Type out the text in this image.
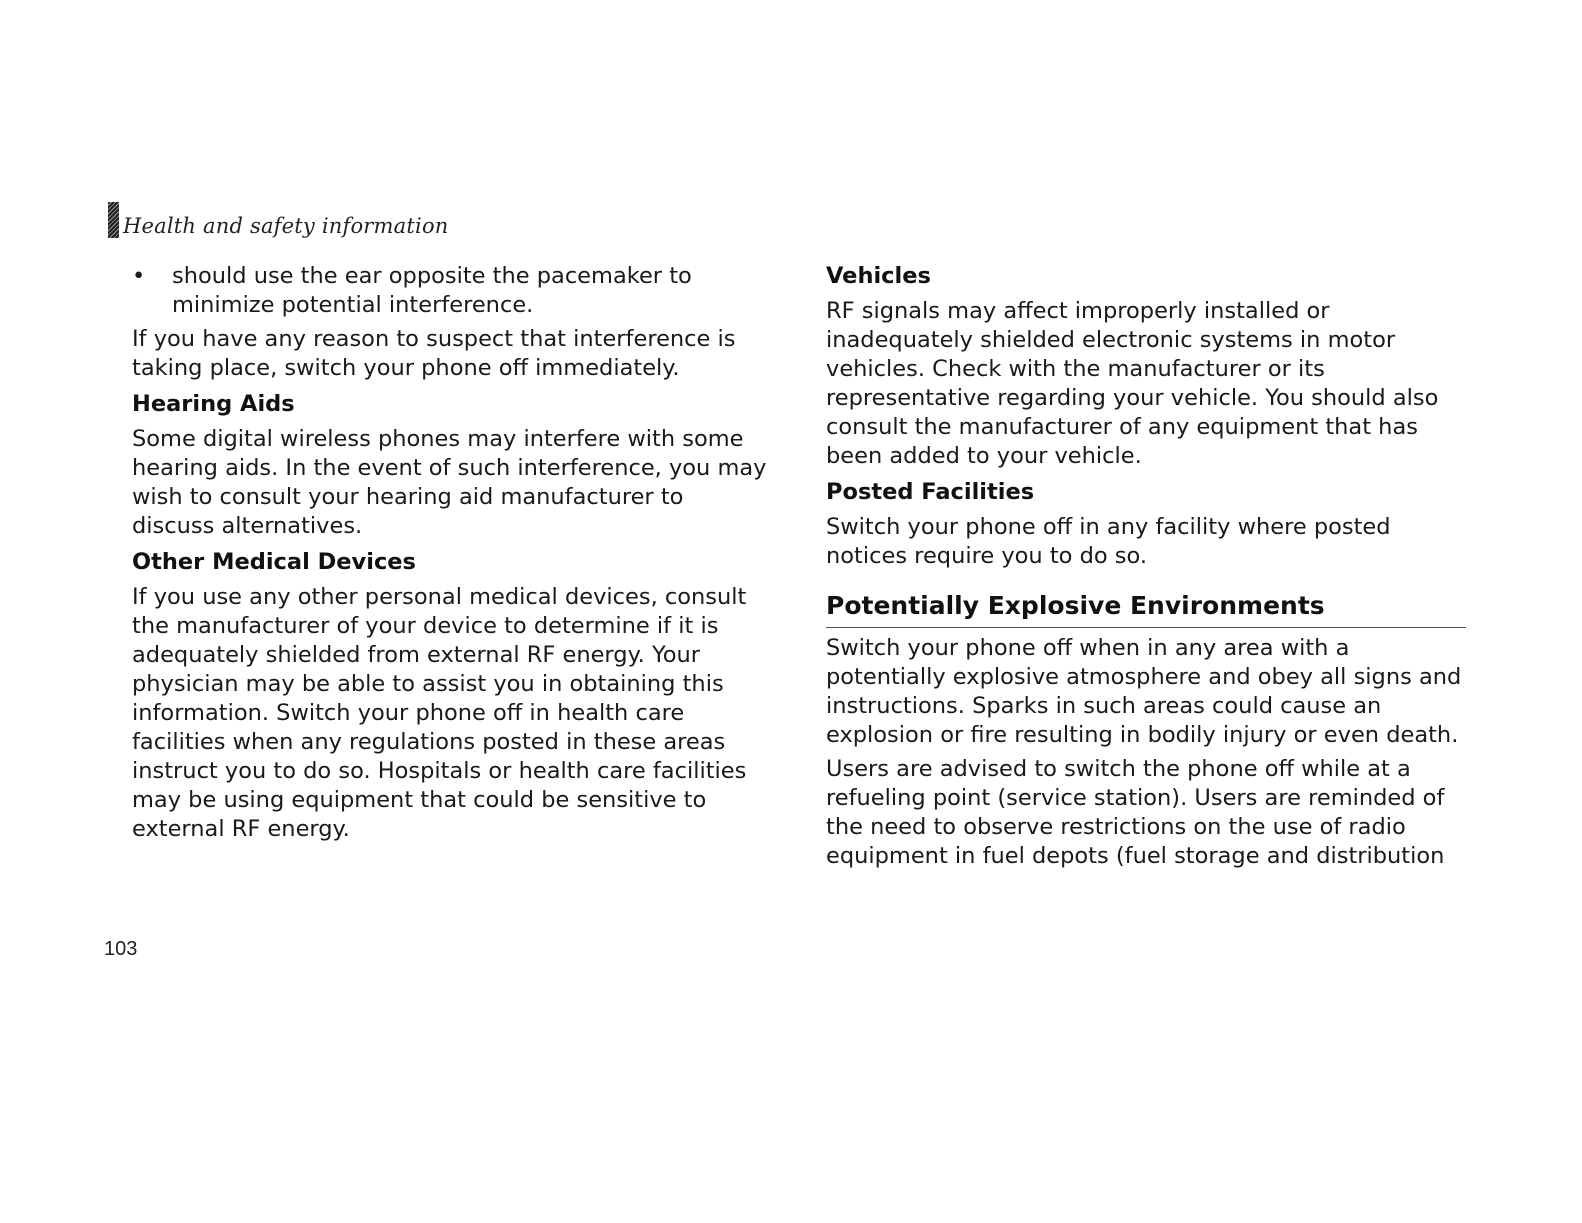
Health and safety information
• should use the ear opposite the pacemaker to minimize potential interference.

If you have any reason to suspect that interference is taking place, switch your phone off immediately.

Hearing Aids

Some digital wireless phones may interfere with some hearing aids. In the event of such interference, you may wish to consult your hearing aid manufacturer to discuss alternatives.

Other Medical Devices

If you use any other personal medical devices, consult the manufacturer of your device to determine if it is adequately shielded from external RF energy. Your physician may be able to assist you in obtaining this information. Switch your phone off in health care facilities when any regulations posted in these areas instruct you to do so. Hospitals or health care facilities may be using equipment that could be sensitive to external RF energy.

Vehicles

RF signals may affect improperly installed or inadequately shielded electronic systems in motor vehicles. Check with the manufacturer or its representative regarding your vehicle. You should also consult the manufacturer of any equipment that has been added to your vehicle.

Posted Facilities

Switch your phone off in any facility where posted notices require you to do so.

Potentially Explosive Environments

Switch your phone off when in any area with a potentially explosive atmosphere and obey all signs and instructions. Sparks in such areas could cause an explosion or fire resulting in bodily injury or even death.

Users are advised to switch the phone off while at a refueling point (service station). Users are reminded of the need to observe restrictions on the use of radio equipment in fuel depots (fuel storage and distribution

103
